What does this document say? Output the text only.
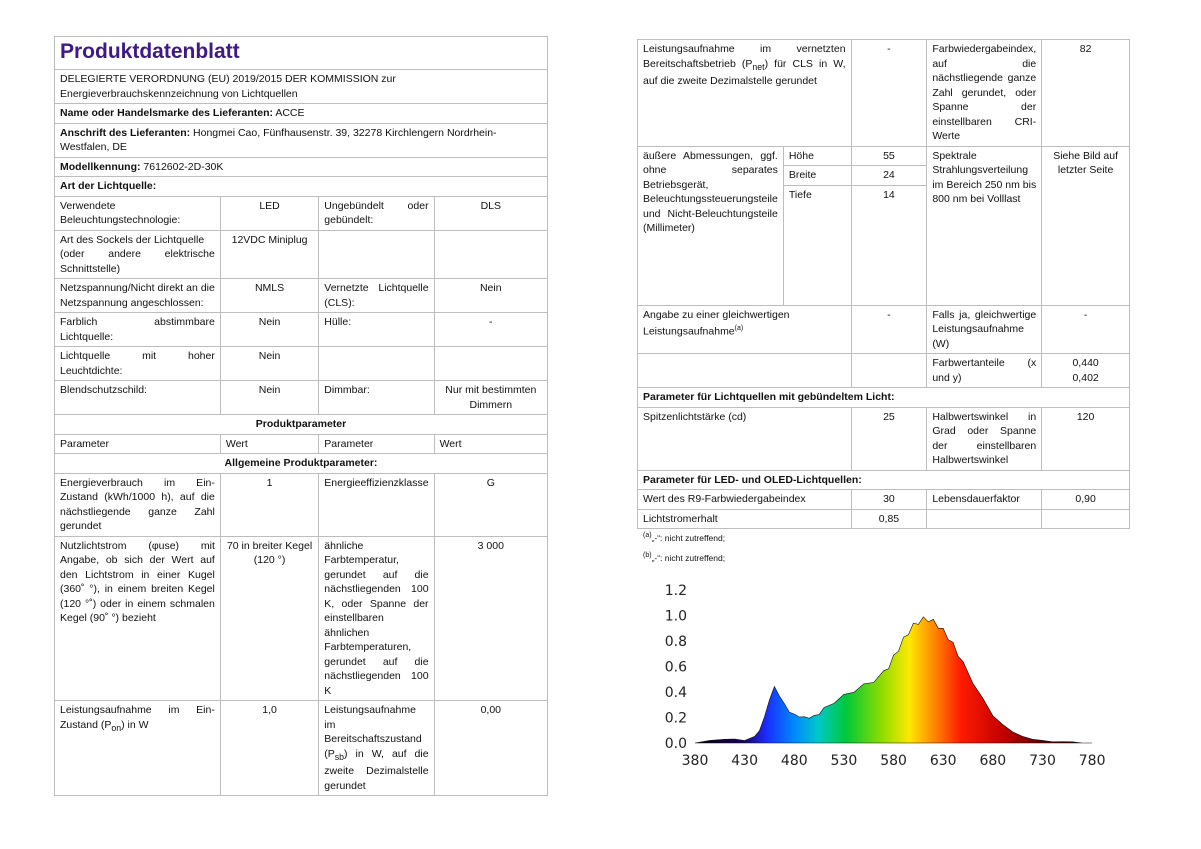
Produktdatenblatt			

DELEGIERTE VERORDNUNG (EU) 2019/2015 DER KOMMISSION zur Energieverbrauchskennzeichnung von Lichtquellen			
Name oder Handelsmarke des Lieferanten: ACCE			
Anschrift des Lieferanten: Hongmei Cao, Fünfhausenstr. 39, 32278 Kirchlengern Nordrhein-Westfalen, DE			
Modellkennung: 7612602-2D-30K			
Art der Lichtquelle:			
Verwendete Beleuchtungstechnologie:	LED	Ungebündelt oder gebündelt:	DLS

Art des Sockels der Lichtquelle
(oder andere elektrische Schnittstelle)	12VDC Miniplug		
Netzspannung/Nicht direkt an die Netzspannung angeschlossen:	NMLS	Vernetzte Lichtquelle (CLS):	Nein
Farblich abstimmbare Lichtquelle:	Nein	Hülle:	-
Lichtquelle mit hoher Leuchtdichte:	Nein		
Blendschutzschild:	Nein	Dimmbar:	Nur mit bestimmten Dimmern
Produktparameter			
Parameter	Wert	Parameter	Wert
Allgemeine Produktparameter:			
Energieverbrauch im Ein-Zustand (kWh/1000 h), auf die nächstliegende ganze Zahl gerundet	1	Energieeffizienzklasse	G
Nutzlichtstrom (φuse) mit Angabe, ob sich der Wert auf den Lichtstrom in einer Kugel (360˚ °), in einem breiten Kegel (120 °˚) oder in einem schmalen Kegel (90˚ °) bezieht	70 in breiter Kegel (120 °)	ähnliche Farbtemperatur, gerundet auf die nächstliegenden 100 K, oder Spanne der einstellbaren ähnlichen Farbtemperaturen, gerundet auf die nächstliegenden 100 K	3 000
Leistungsaufnahme im Ein-Zustand $(P_{on})$ in W	1,0	Leistungsaufnahme im Bereitschaftszustand $(P_{sb})$ in W, auf die zweite Dezimalstelle gerundet	0,00
Leistungsaufnahme im vernetzten Bereitschaftsbetrieb $(P_{net})$ für CLS in W, auf die zweite Dezimalstelle gerundet		-	Farbwiedergabeindex, auf die nächstliegende ganze Zahl gerundet, oder Spanne der einstellbaren CRI-Werte	82
äußere Abmessungen, ggf. ohne separates Betriebsgerät, Beleuchtungssteuerungsteile und Nicht-Beleuchtungsteile (Millimeter)	Höhe	55	Spektrale Strahlungsverteilung im Bereich 250 nm bis 800 nm bei Volllast	Siehe Bild auf letzter Seite
	Breite	24		
	Tiefe	14		
Angabe zu einer gleichwertigen Leistungsaufnahme$^{(a)}$		-	Falls ja, gleichwertige Leistungsaufnahme (W)	-
			Farbwertanteile (x und y)	0,440
0,402

Parameter für Lichtquellen mit gebündeltem Licht:				
Spitzenlichtstärke (cd)		25	Halbwertswinkel in Grad oder Spanne der einstellbaren Halbwertswinkel	120
Parameter für LED- und OLED-Lichtquellen:				
Wert des R9-Farbwiedergabeindex		30	Lebensdauerfaktor	0,90
Lichtstromerhalt		0,85		
$^{(a)}$„-“: nicht zutreffend;
$^{(b)}$„-“: nicht zutreffend;
0.0
0.2
0.4
0.6
0.8
1.0
1.2
380 430 480 530 580 630 680 730 780
